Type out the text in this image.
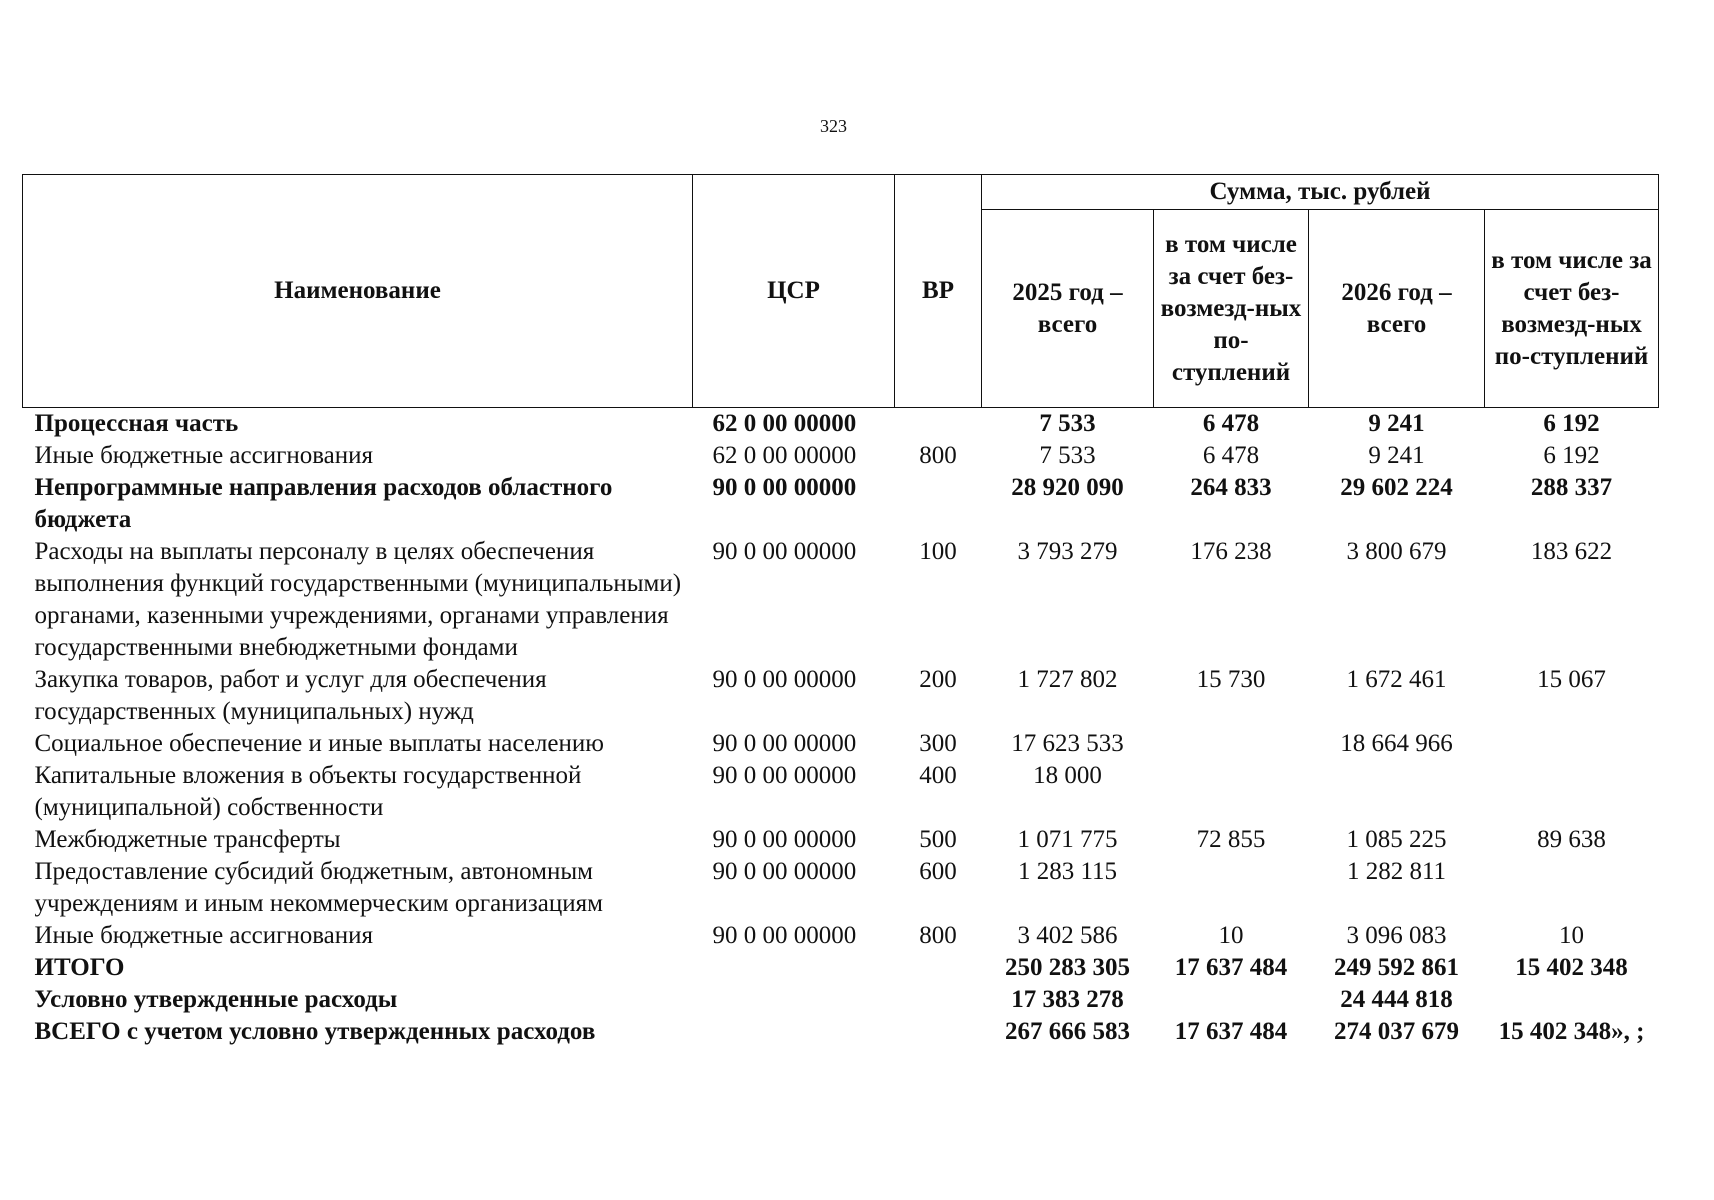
323
Наименование	ЦСР	ВР	Сумма, тыс. рублей			
			2025 год – всего	в том числе за счет без-возмезд-ных по-ступлений	2026 год – всего	в том числе за счет без-возмезд-ных по-ступлений
Процессная часть	62 0 00 00000		7 533	6 478	9 241	6 192
Иные бюджетные ассигнования	62 0 00 00000	800	7 533	6 478	9 241	6 192
Непрограммные направления расходов областного бюджета	90 0 00 00000		28 920 090	264 833	29 602 224	288 337
Расходы на выплаты персоналу в целях обеспечения выполнения функций государственными (муниципальными) органами, казенными учреждениями, органами управления государственными внебюджетными фондами	90 0 00 00000	100	3 793 279	176 238	3 800 679	183 622
Закупка товаров, работ и услуг для обеспечения государственных (муниципальных) нужд	90 0 00 00000	200	1 727 802	15 730	1 672 461	15 067
Социальное обеспечение и иные выплаты населению	90 0 00 00000	300	17 623 533		18 664 966	
Капитальные вложения в объекты государственной (муниципальной) собственности	90 0 00 00000	400	18 000			
Межбюджетные трансферты	90 0 00 00000	500	1 071 775	72 855	1 085 225	89 638
Предоставление субсидий бюджетным, автономным учреждениям и иным некоммерческим организациям	90 0 00 00000	600	1 283 115		1 282 811	
Иные бюджетные ассигнования	90 0 00 00000	800	3 402 586	10	3 096 083	10
ИТОГО			250 283 305	17 637 484	249 592 861	15 402 348
Условно утвержденные расходы			17 383 278		24 444 818	
ВСЕГО с учетом условно утвержденных расходов			267 666 583	17 637 484	274 037 679	15 402 348», ;
